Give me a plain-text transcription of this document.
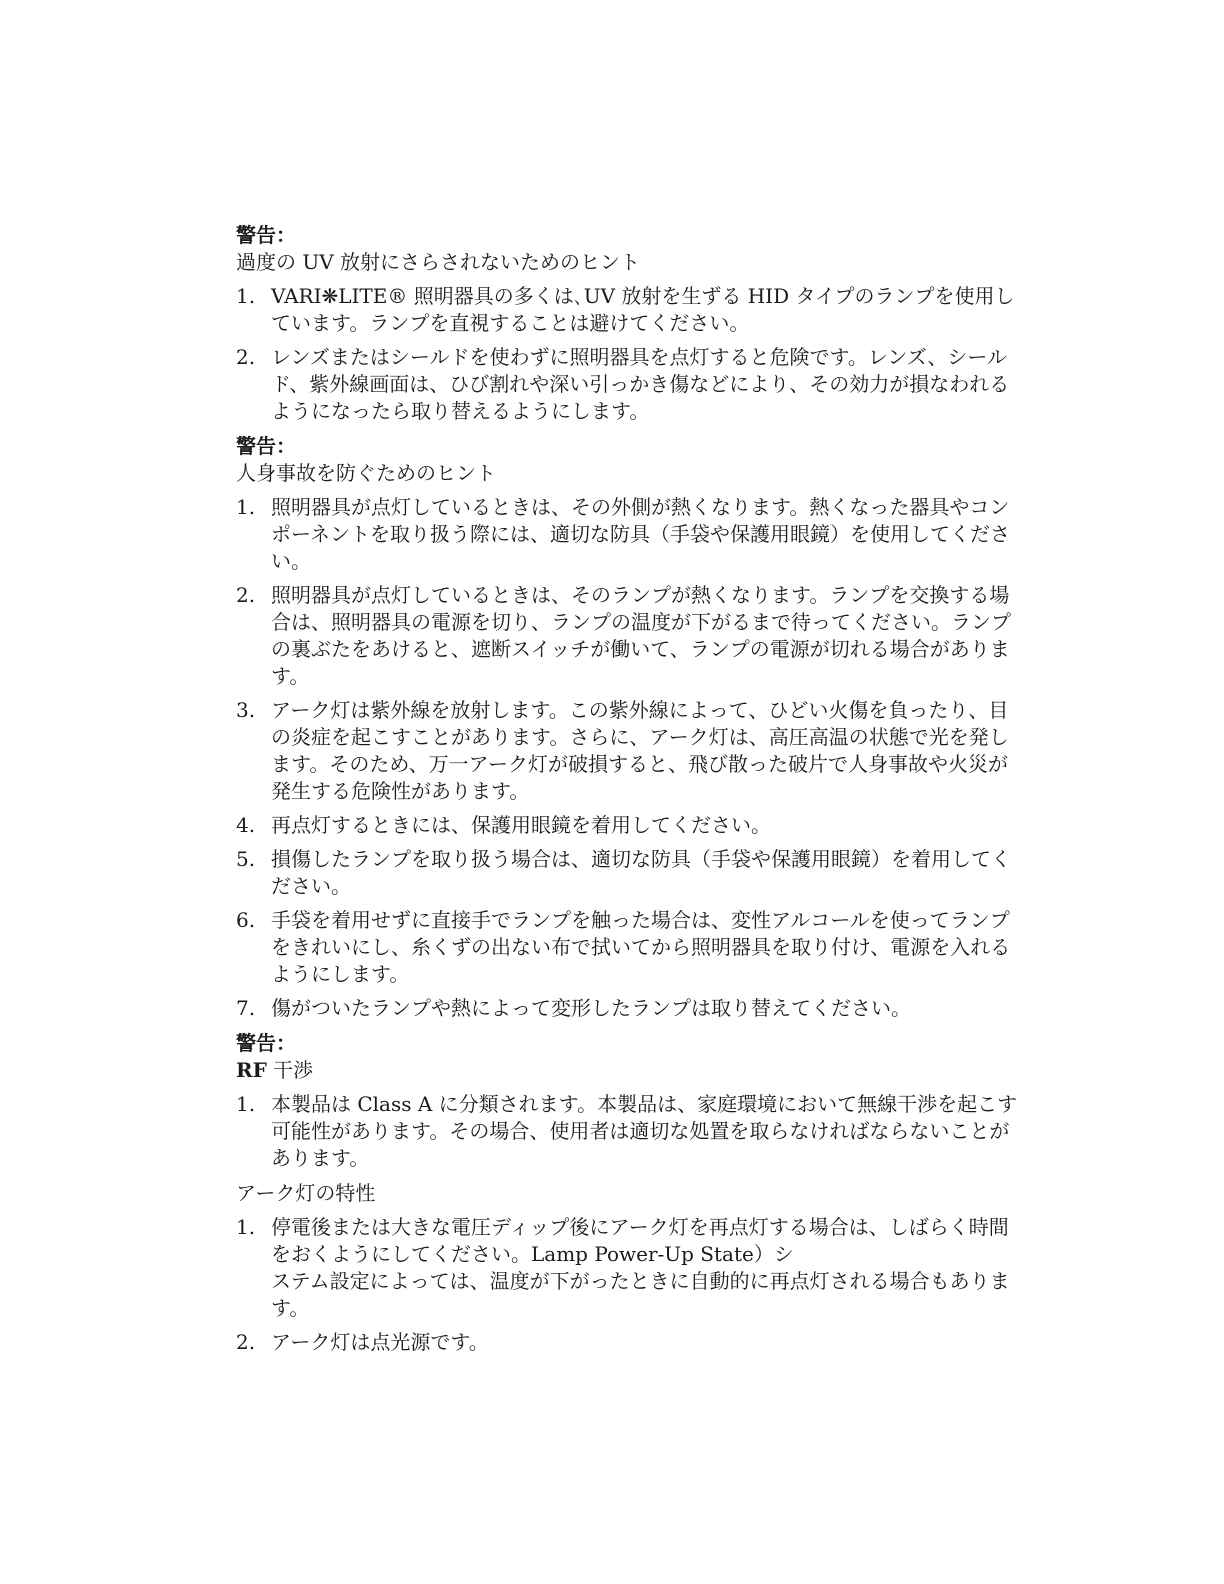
警告：

過度の UV 放射にさらされないためのヒント

1. VARI❋LITE® 照明器具の多くは､UV 放射を生ずる HID タイプのランプを使用しています。ランプを直視することは避けてください。
2. レンズまたはシールドを使わずに照明器具を点灯すると危険です。レンズ、シールド、紫外線画面は、ひび割れや深い引っかき傷などにより、その効力が損なわれるようになったら取り替えるようにします。

警告：

人身事故を防ぐためのヒント

1. 照明器具が点灯しているときは、その外側が熱くなります。熱くなった器具やコンポーネントを取り扱う際には、適切な防具（手袋や保護用眼鏡）を使用してください。
2. 照明器具が点灯しているときは、そのランプが熱くなります。ランプを交換する場合は、照明器具の電源を切り、ランプの温度が下がるまで待ってください。ランプの裏ぶたをあけると、遮断スイッチが働いて、ランプの電源が切れる場合があります。
3. アーク灯は紫外線を放射します。この紫外線によって、ひどい火傷を負ったり、目の炎症を起こすことがあります。さらに、アーク灯は、高圧高温の状態で光を発します。そのため、万一アーク灯が破損すると、飛び散った破片で人身事故や火災が発生する危険性があります。
4. 再点灯するときには、保護用眼鏡を着用してください。
5. 損傷したランプを取り扱う場合は、適切な防具（手袋や保護用眼鏡）を着用してください。
6. 手袋を着用せずに直接手でランプを触った場合は、変性アルコールを使ってランプをきれいにし、糸くずの出ない布で拭いてから照明器具を取り付け、電源を入れるようにします。
7. 傷がついたランプや熱によって変形したランプは取り替えてください。

警告：

RF 干渉

1. 本製品は Class A に分類されます。本製品は、家庭環境において無線干渉を起こす可能性があります。その場合、使用者は適切な処置を取らなければならないことがあります。

アーク灯の特性

1. 停電後または大きな電圧ディップ後にアーク灯を再点灯する場合は、しばらく時間をおくようにしてください。Lamp Power-Up State）シ
ステム設定によっては、温度が下がったときに自動的に再点灯される場合もあります。
2. アーク灯は点光源です。
